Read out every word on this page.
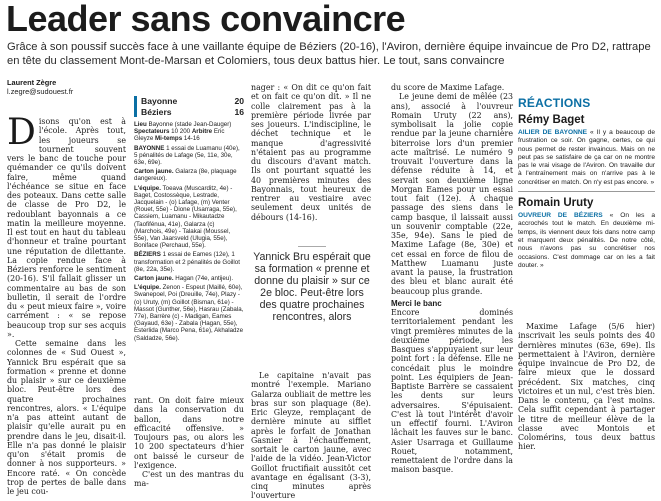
Leader sans convaincre
Grâce à son poussif succès face à une vaillante équipe de Béziers (20-16), l'Aviron, dernière équipe invaincue de Pro D2, rattrape en tête du classement Mont-de-Marsan et Colomiers, tous deux battus hier. Le tout, sans convaincre
Laurent Zègre
l.zegre@sudouest.fr

Disons qu'on est à l'école. Après tout, les joueurs se tournent souvent vers le banc de touche pour quémander ce qu'ils doivent faire, même quand l'échéance se situe en face des poteaux. Dans cette salle de classe de Pro D2, le redoublant bayonnais a ce matin la meilleure moyenne. Il est tout en haut du tableau d'honneur et traîne pourtant une réputation de dilettante. La copie rendue face à Béziers renforce le sentiment (20-16). S'il fallait glisser un commentaire au bas de son bulletin, il serait de l'ordre du « peut mieux faire », voire carrément : « se repose beaucoup trop sur ses acquis ».

Cette semaine dans les colonnes de « Sud Ouest », Yannick Bru espérait que sa formation « prenne et donne du plaisir » sur ce deuxième bloc. Peut-être lors des quatre prochaines rencontres, alors. « L'équipe n'a pas atteint autant de plaisir qu'elle aurait pu en prendre dans le jeu, disait-il. Elle n'a pas donné le plaisir qu'on s'était promis de donner à nos supporteurs. » Encore raté. « On concède trop de pertes de balle dans le jeu cou-

Bayonne	20
Béziers	16
Lieu Bayonne (stade Jean-Dauger) Spectateurs 10 200 Arbitre Eric Gleyze Mi-temps 14-16
BAYONNE 1 essai de Luamanu (40e), 5 pénalités de Lafage (5e, 11e, 30e, 63e, 69e).
Carton jaune. Galarza (8e, plaquage dangereux).
L'équipe. Toeava (Muscarditz, 4e) - Baget, Costossèque, Lestrade, Jacquelain - (o) Lafage, (m) Venter (Rouet, 55e) - Dione (Usarraga, 55e), Cassiem, Luamanu - Mikautadze (Taofifénua, 41e), Galarza (c) (Marchois, 49e) - Talakai (Moussel, 55e), Van Jaarsveld (Ulugia, 55e), Boniface (Perchaud, 55e).
BÉZIERS 1 essai de Eames (12e), 1 transformation et 2 pénalités de Goillot (8e, 22a, 35e).
Carton jaune. Hagan (74e, antijeu).
L'équipe. Zenon - Espeut (Maillé, 60e), Swanepoel, Poi (Dreuille, 74e), Plazy - (o) Uruty, (m) Goillot (Bisman, 61e) - Massot (Gunther, 56e), Hasrau (Zabala, 77e), Barrère (c) - Madigan, Eames (Gayaud, 63e) - Zabala (Hagan, 55e), Esterlida (Marco Pena, 61e), Akhaladze (Saldadze, 56e).

rant. On doit faire mieux dans la conservation du ballon, dans notre efficacité offensive. » Toujours pas, ou alors les 10 200 spectateurs d'hier ont baissé le curseur de l'exigence.

C'est un des mantras du ma-

nager : « On dit ce qu'on fait et on fait ce qu'on dit. » Il ne colle clairement pas à la première période livrée par ses joueurs. L'indiscipline, le déchet technique et le manque d'agressivité n'étaient pas au programme du discours d'avant match. Ils ont pourtant squatté les 40 premières minutes des Bayonnais, tout heureux de rentrer au vestiaire avec seulement deux unités de débours (14-16).

Yannick Bru espérait que sa formation « prenne et donne du plaisir » sur ce 2e bloc. Peut-être lors des quatre prochaines rencontres, alors

Le capitaine n'avait pas montré l'exemple. Mariano Galarza oubliait de mettre les bras sur son plaquage (8e). Eric Gleyze, remplaçant de dernière minute au sifflet après le forfait de Jonathan Gasnier à l'échauffement, sortait le carton jaune, avec l'aide de la vidéo. Jean-Victor Goillot fructifiait aussitôt cet avantage en égalisant (3-3), cinq minutes après l'ouverture

du score de Maxime Lafage.

Le jeune demi de mêlée (23 ans), associé à l'ouvreur Romain Uruty (22 ans), symbolisait la jolie copie rendue par la jeune charnière biterroise lors d'un premier acte maîtrisé. Le numéro 9 trouvait l'ouverture dans la défense réduite à 14, et servait son deuxième ligne Morgan Eames pour un essai tout fait (12e). À chaque passage des siens dans le camp basque, il laissait aussi un souvenir comptable (22e, 35e, 94e). Sans le pied de Maxime Lafage (8e, 30e) et cet essai en force de filou de Matthew Luamanu juste avant la pause, la frustration des bleu et blanc aurait été beaucoup plus grande.

Merci le banc

Encore dominés territorialement pendant les vingt premières minutes de la deuxième période, les Basques s'appuyaient sur leur point fort : la défense. Elle ne concédait plus le moindre point. Les équipiers de Jean-Baptiste Barrère se cassaient les dents sur leurs adversaires. S'épuisaient. C'est là tout l'intérêt d'avoir un effectif fourni. L'Aviron lâchait les fauves sur le banc. Asier Usarraga et Guillaume Rouet, notamment, remettaient de l'ordre dans la maison basque.

RÉACTIONS
Rémy Baget
AILIER DE BAYONNE « Il y a beaucoup de frustration ce soir. On gagne, certes, ce qui nous permet de rester invaincus. Mais on ne peut pas se satisfaire de ça car on ne montre pas le vrai visage de l'Aviron. On travaille dur à l'entraînement mais on n'arrive pas à le concrétiser en match. On n'y est pas encore. »
Romain Uruty
OUVREUR DE BÉZIERS « On les a accrochés tout le match. En deuxième mi-temps, ils viennent deux fois dans notre camp et marquent deux pénalités. De notre côté, nous n'avons pas su concrétiser nos occasions. C'est dommage car on les a fait douter. »

Maxime Lafage (5/6 hier) inscrivait les seuls points des 40 dernières minutes (63e, 69e). Ils permettaient à l'Aviron, dernière équipe invaincue de Pro D2, de faire mieux que le dossard précédent. Six matches, cinq victoires et un nul, c'est très bien. Dans le contenu, ça l'est moins. Cela suffit cependant à partager le titre de meilleur élève de la classe avec Montois et Colomérins, tous deux battus hier.
